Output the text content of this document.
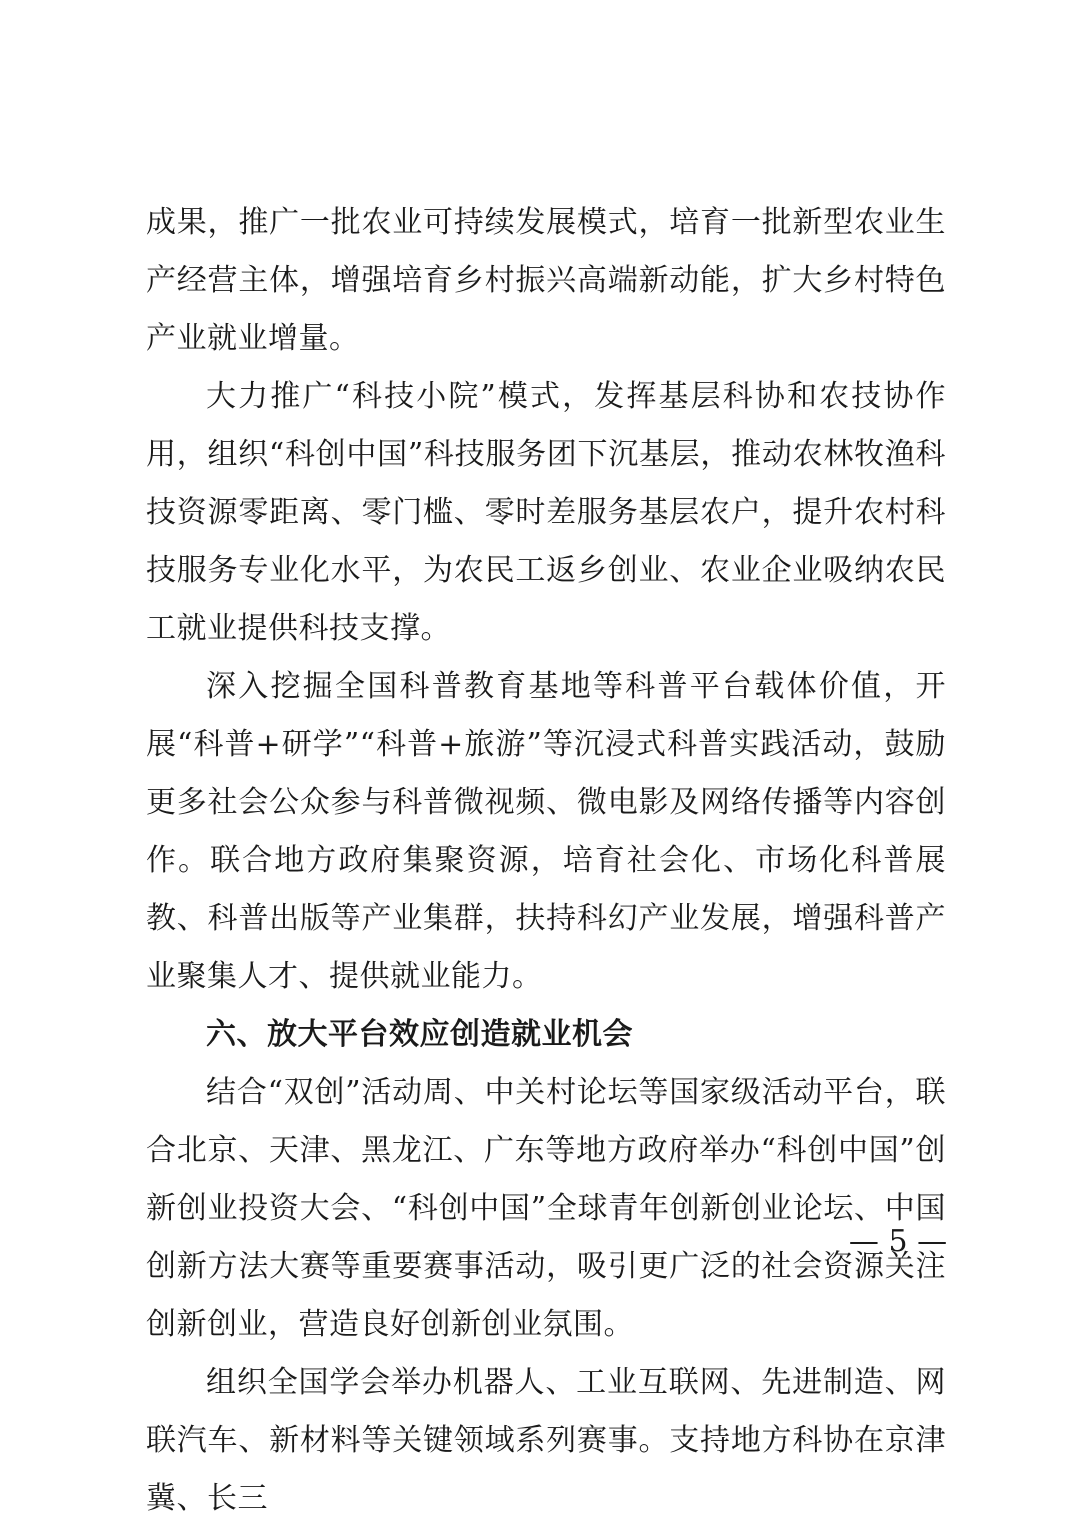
成果，推广一批农业可持续发展模式，培育一批新型农业生产经营主体，增强培育乡村振兴高端新动能，扩大乡村特色产业就业增量。

大力推广“科技小院”模式，发挥基层科协和农技协作用，组织“科创中国”科技服务团下沉基层，推动农林牧渔科技资源零距离、零门槛、零时差服务基层农户，提升农村科技服务专业化水平，为农民工返乡创业、农业企业吸纳农民工就业提供科技支撑。

深入挖掘全国科普教育基地等科普平台载体价值，开展“科普+研学”“科普+旅游”等沉浸式科普实践活动，鼓励更多社会公众参与科普微视频、微电影及网络传播等内容创作。联合地方政府集聚资源，培育社会化、市场化科普展教、科普出版等产业集群，扶持科幻产业发展，增强科普产业聚集人才、提供就业能力。

六、放大平台效应创造就业机会

结合“双创”活动周、中关村论坛等国家级活动平台，联合北京、天津、黑龙江、广东等地方政府举办“科创中国”创新创业投资大会、“科创中国”全球青年创新创业论坛、中国创新方法大赛等重要赛事活动，吸引更广泛的社会资源关注创新创业，营造良好创新创业氛围。

组织全国学会举办机器人、工业互联网、先进制造、网联汽车、新材料等关键领域系列赛事。支持地方科协在京津冀、长三

— 5 —
